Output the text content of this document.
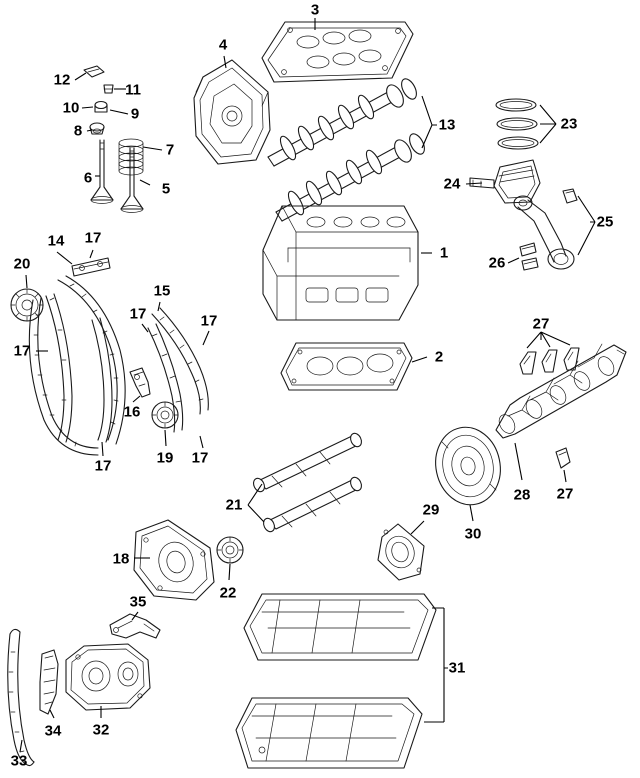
3
4
12
11
10	9
8	13	23
7
6
5	24
25
14 17
1
26
20
15
17	17	27
17	2
16
19 17
17
28 27
21	29
30
18
22
35
31
34 32
33
